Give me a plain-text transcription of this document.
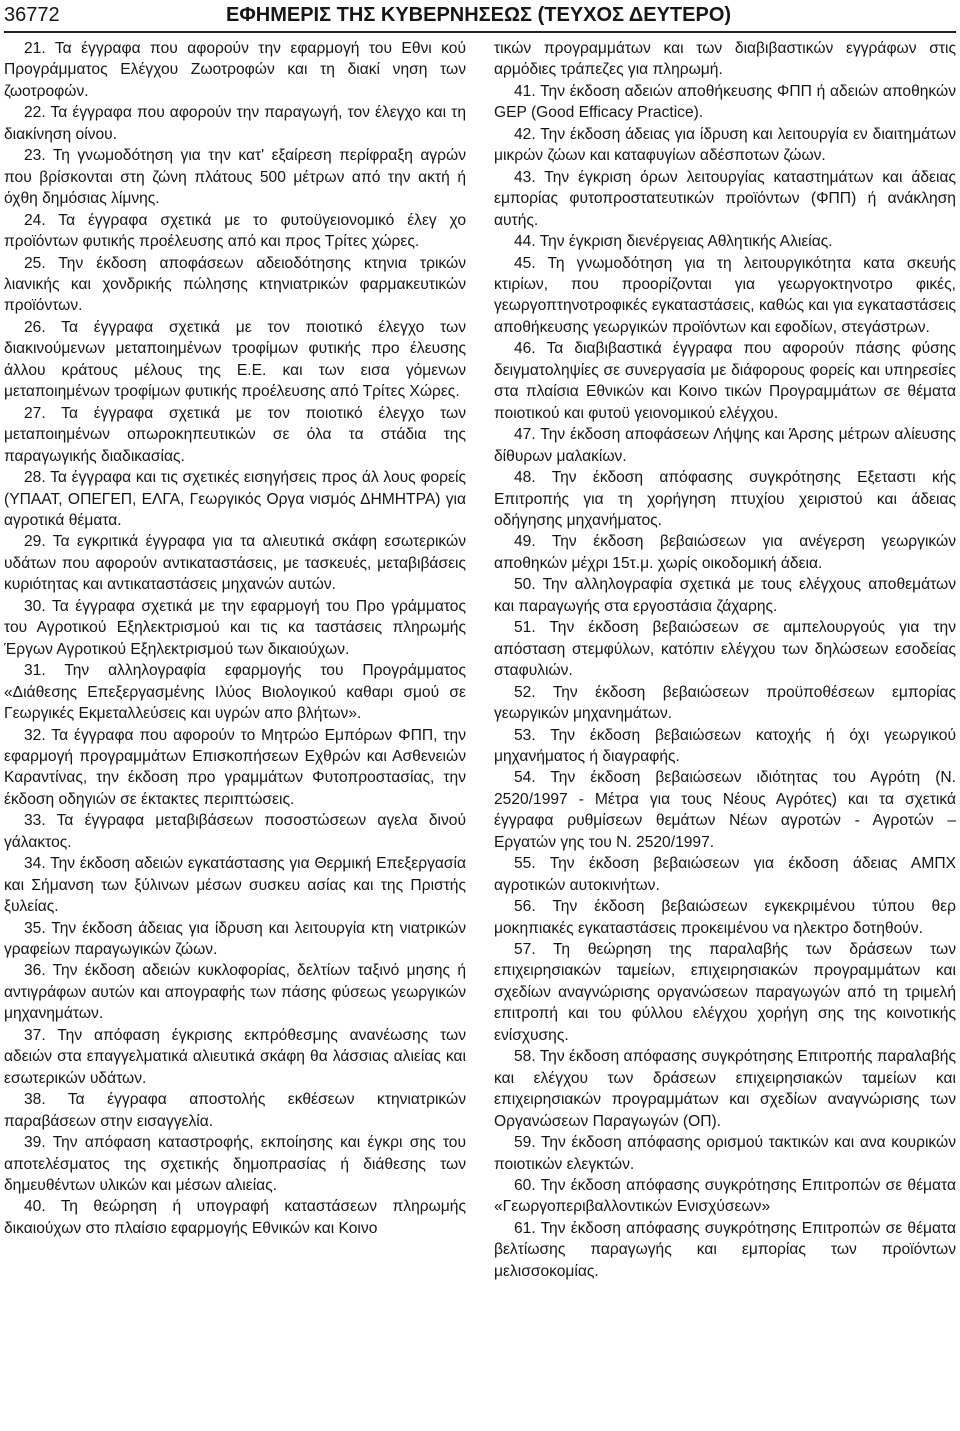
36772	ΕΦΗΜΕΡΙΣ ΤΗΣ ΚΥΒΕΡΝΗΣΕΩΣ (ΤΕΥΧΟΣ ΔΕΥΤΕΡΟ)

21. Τα έγγραφα που αφορούν την εφαρμογή του Εθνι κού Προγράμματος Ελέγχου Ζωοτροφών και τη διακί νηση των ζωοτροφών.

22. Τα έγγραφα που αφορούν την παραγωγή, τον έλεγχο και τη διακίνηση οίνου.

23. Τη γνωμοδότηση για την κατ' εξαίρεση περίφραξη αγρών που βρίσκονται στη ζώνη πλάτους 500 μέτρων από την ακτή ή όχθη δημόσιας λίμνης.

24. Τα έγγραφα σχετικά με το φυτοϋγειονομικό έλεγ χο προϊόντων φυτικής προέλευσης από και προς Τρίτες χώρες.

25. Την έκδοση αποφάσεων αδειοδότησης κτηνια τρικών λιανικής και χονδρικής πώλησης κτηνιατρικών φαρμακευτικών προϊόντων.

26. Τα έγγραφα σχετικά με τον ποιοτικό έλεγχο των διακινούμενων μεταποιημένων τροφίμων φυτικής προ έλευσης άλλου κράτους μέλους της Ε.Ε. και των εισα γόμενων μεταποιημένων τροφίμων φυτικής προέλευσης από Τρίτες Χώρες.

27. Τα έγγραφα σχετικά με τον ποιοτικό έλεγχο των μεταποιημένων οπωροκηπευτικών σε όλα τα στάδια της παραγωγικής διαδικασίας.

28. Τα έγγραφα και τις σχετικές εισηγήσεις προς άλ λους φορείς (ΥΠΑΑΤ, ΟΠΕΓΕΠ, ΕΛΓΑ, Γεωργικός Οργα νισμός ΔΗΜΗΤΡΑ) για αγροτικά θέματα.

29. Τα εγκριτικά έγγραφα για τα αλιευτικά σκάφη εσωτερικών υδάτων που αφορούν αντικαταστάσεις, με τασκευές, μεταβιβάσεις κυριότητας και αντικαταστάσεις μηχανών αυτών.

30. Τα έγγραφα σχετικά με την εφαρμογή του Προ γράμματος του Αγροτικού Εξηλεκτρισμού και τις κα ταστάσεις πληρωμής Έργων Αγροτικού Εξηλεκτρισμού των δικαιούχων.

31. Την αλληλογραφία εφαρμογής του Προγράμματος «Διάθεσης Επεξεργασμένης Ιλύος Βιολογικού καθαρι σμού σε Γεωργικές Εκμεταλλεύσεις και υγρών απο βλήτων».

32. Τα έγγραφα που αφορούν το Μητρώο Εμπόρων ΦΠΠ, την εφαρμογή προγραμμάτων Επισκοπήσεων Εχθρών και Ασθενειών Καραντίνας, την έκδοση προ γραμμάτων Φυτοπροστασίας, την έκδοση οδηγιών σε έκτακτες περιπτώσεις.

33. Τα έγγραφα μεταβιβάσεων ποσοστώσεων αγελα δινού γάλακτος.

34. Την έκδοση αδειών εγκατάστασης για Θερμική Επεξεργασία και Σήμανση των ξύλινων μέσων συσκευ ασίας και της Πριστής ξυλείας.

35. Την έκδοση άδειας για ίδρυση και λειτουργία κτη νιατρικών γραφείων παραγωγικών ζώων.

36. Την έκδοση αδειών κυκλοφορίας, δελτίων ταξινό μησης ή αντιγράφων αυτών και απογραφής των πάσης φύσεως γεωργικών μηχανημάτων.

37. Την απόφαση έγκρισης εκπρόθεσμης ανανέωσης των αδειών στα επαγγελματικά αλιευτικά σκάφη θα λάσσιας αλιείας και εσωτερικών υδάτων.

38. Τα έγγραφα αποστολής εκθέσεων κτηνιατρικών παραβάσεων στην εισαγγελία.

39. Την απόφαση καταστροφής, εκποίησης και έγκρι σης του αποτελέσματος της σχετικής δημοπρασίας ή διάθεσης των δημευθέντων υλικών και μέσων αλιείας.

40. Τη θεώρηση ή υπογραφή καταστάσεων πληρωμής δικαιούχων στο πλαίσιο εφαρμογής Εθνικών και Κοινο

τικών προγραμμάτων και των διαβιβαστικών εγγράφων στις αρμόδιες τράπεζες για πληρωμή.

41. Την έκδοση αδειών αποθήκευσης ΦΠΠ ή αδειών αποθηκών GEP (Good Efficacy Practice).

42. Την έκδοση άδειας για ίδρυση και λειτουργία εν διαιτημάτων μικρών ζώων και καταφυγίων αδέσποτων ζώων.

43. Την έγκριση όρων λειτουργίας καταστημάτων και άδειας εμπορίας φυτοπροστατευτικών προϊόντων (ΦΠΠ) ή ανάκληση αυτής.

44. Την έγκριση διενέργειας Αθλητικής Αλιείας.

45. Τη γνωμοδότηση για τη λειτουργικότητα κατα σκευής κτιρίων, που προορίζονται για γεωργοκτηνοτρο φικές, γεωργοπτηνοτροφικές εγκαταστάσεις, καθώς και για εγκαταστάσεις αποθήκευσης γεωργικών προϊόντων και εφοδίων, στεγάστρων.

46. Τα διαβιβαστικά έγγραφα που αφορούν πάσης φύσης δειγματοληψίες σε συνεργασία με διάφορους φορείς και υπηρεσίες στα πλαίσια Εθνικών και Κοινο τικών Προγραμμάτων σε θέματα ποιοτικού και φυτοϋ γειονομικού ελέγχου.

47. Την έκδοση αποφάσεων Λήψης και Άρσης μέτρων αλίευσης δίθυρων μαλακίων.

48. Την έκδοση απόφασης συγκρότησης Εξεταστι κής Επιτροπής για τη χορήγηση πτυχίου χειριστού και άδειας οδήγησης μηχανήματος.

49. Την έκδοση βεβαιώσεων για ανέγερση γεωργικών αποθηκών μέχρι 15τ.μ. χωρίς οικοδομική άδεια.

50. Την αλληλογραφία σχετικά με τους ελέγχους αποθεμάτων και παραγωγής στα εργοστάσια ζάχαρης.

51. Την έκδοση βεβαιώσεων σε αμπελουργούς για την απόσταση στεμφύλων, κατόπιν ελέγχου των δηλώσεων εσοδείας σταφυλιών.

52. Την έκδοση βεβαιώσεων προϋποθέσεων εμπορίας γεωργικών μηχανημάτων.

53. Την έκδοση βεβαιώσεων κατοχής ή όχι γεωργικού μηχανήματος ή διαγραφής.

54. Την έκδοση βεβαιώσεων ιδιότητας του Αγρότη (Ν. 2520/1997 - Μέτρα για τους Νέους Αγρότες) και τα σχετικά έγγραφα ρυθμίσεων θεμάτων Νέων αγροτών - Αγροτών – Εργατών γης του Ν. 2520/1997.

55. Την έκδοση βεβαιώσεων για έκδοση άδειας ΑΜΠΧ αγροτικών αυτοκινήτων.

56. Την έκδοση βεβαιώσεων εγκεκριμένου τύπου θερ μοκηπιακές εγκαταστάσεις προκειμένου να ηλεκτρο δοτηθούν.

57. Τη θεώρηση της παραλαβής των δράσεων των επιχειρησιακών ταμείων, επιχειρησιακών προγραμμάτων και σχεδίων αναγνώρισης οργανώσεων παραγωγών από τη τριμελή επιτροπή και του φύλλου ελέγχου χορήγη σης της κοινοτικής ενίσχυσης.

58. Την έκδοση απόφασης συγκρότησης Επιτροπής παραλαβής και ελέγχου των δράσεων επιχειρησιακών ταμείων και επιχειρησιακών προγραμμάτων και σχεδίων αναγνώρισης των Οργανώσεων Παραγωγών (ΟΠ).

59. Την έκδοση απόφασης ορισμού τακτικών και ανα κουρικών ποιοτικών ελεγκτών.

60. Την έκδοση απόφασης συγκρότησης Επιτροπών σε θέματα «Γεωργοπεριβαλλοντικών Ενισχύσεων»

61. Την έκδοση απόφασης συγκρότησης Επιτροπών σε θέματα βελτίωσης παραγωγής και εμπορίας των προϊόντων μελισσοκομίας.
